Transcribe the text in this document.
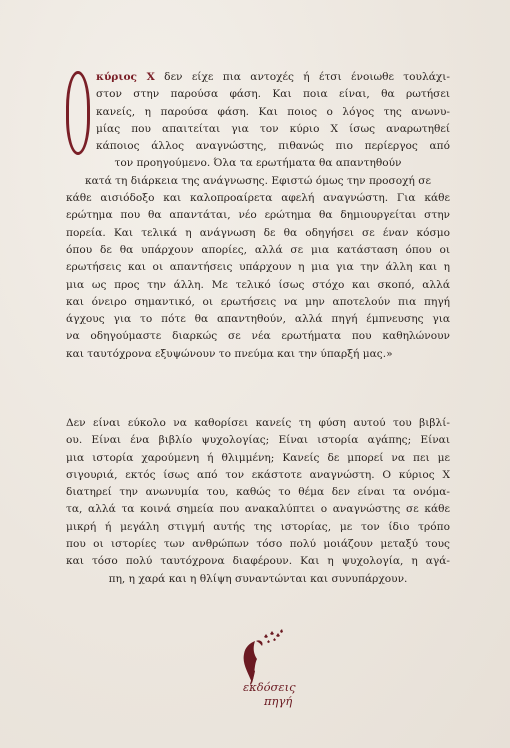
κύριος Χ δεν είχε πια αντοχές ή έτσι ένοιωθε τουλάχι-
στον στην παρούσα φάση. Και ποια είναι, θα ρωτήσει
κανείς, η παρούσα φάση. Και ποιος ο λόγος της ανωνυ-
μίας που απαιτείται για τον κύριο Χ ίσως αναρωτηθεί
κάποιος άλλος αναγνώστης, πιθανώς πιο περίεργος από
τον προηγούμενο. Όλα τα ερωτήματα θα απαντηθούν
κατά τη διάρκεια της ανάγνωσης. Εφιστώ όμως την προσοχή σε
κάθε αισιόδοξο και καλοπροαίρετα αφελή αναγνώστη. Για κάθε
ερώτημα που θα απαντάται, νέο ερώτημα θα δημιουργείται στην
πορεία. Και τελικά η ανάγνωση δε θα οδηγήσει σε έναν κόσμο
όπου δε θα υπάρχουν απορίες, αλλά σε μια κατάσταση όπου οι
ερωτήσεις και οι απαντήσεις υπάρχουν η μια για την άλλη και η
μια ως προς την άλλη. Με τελικό ίσως στόχο και σκοπό, αλλά
και όνειρο σημαντικό, οι ερωτήσεις να μην αποτελούν πια πηγή
άγχους για το πότε θα απαντηθούν, αλλά πηγή έμπνευσης για
να οδηγούμαστε διαρκώς σε νέα ερωτήματα που καθηλώνουν
και ταυτόχρονα εξυψώνουν το πνεύμα και την ύπαρξή μας.»
Δεν είναι εύκολο να καθορίσει κανείς τη φύση αυτού του βιβλί-
ου. Είναι ένα βιβλίο ψυχολογίας; Είναι ιστορία αγάπης; Είναι
μια ιστορία χαρούμενη ή θλιμμένη; Κανείς δε μπορεί να πει με
σιγουριά, εκτός ίσως από τον εκάστοτε αναγνώστη. Ο κύριος Χ
διατηρεί την ανωνυμία του, καθώς το θέμα δεν είναι τα ονόμα-
τα, αλλά τα κοινά σημεία που ανακαλύπτει ο αναγνώστης σε κάθε
μικρή ή μεγάλη στιγμή αυτής της ιστορίας, με τον ίδιο τρόπο
που οι ιστορίες των ανθρώπων τόσο πολύ μοιάζουν μεταξύ τους
και τόσο πολύ ταυτόχρονα διαφέρουν. Και η ψυχολογία, η αγά-
πη, η χαρά και η θλίψη συναντώνται και συνυπάρχουν.
εκδόσεις
πηγή
